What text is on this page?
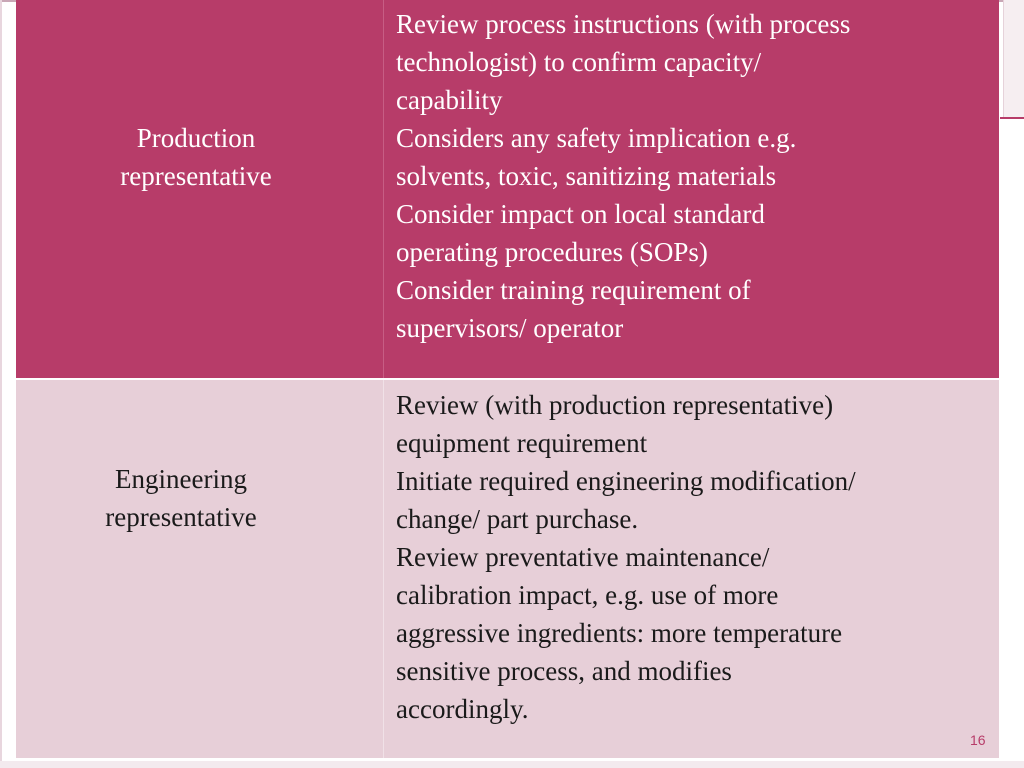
Production
representative
Review process instructions (with process
technologist) to confirm capacity/
capability
Considers any safety implication e.g.
solvents, toxic, sanitizing materials
Consider impact on local standard
operating procedures (SOPs)
Consider training requirement of
supervisors/ operator
Engineering
representative
Review (with production representative)
equipment requirement
Initiate required engineering modification/
change/ part purchase.
Review preventative maintenance/
calibration impact, e.g. use of more
aggressive ingredients: more temperature
sensitive process, and modifies
accordingly.
16
